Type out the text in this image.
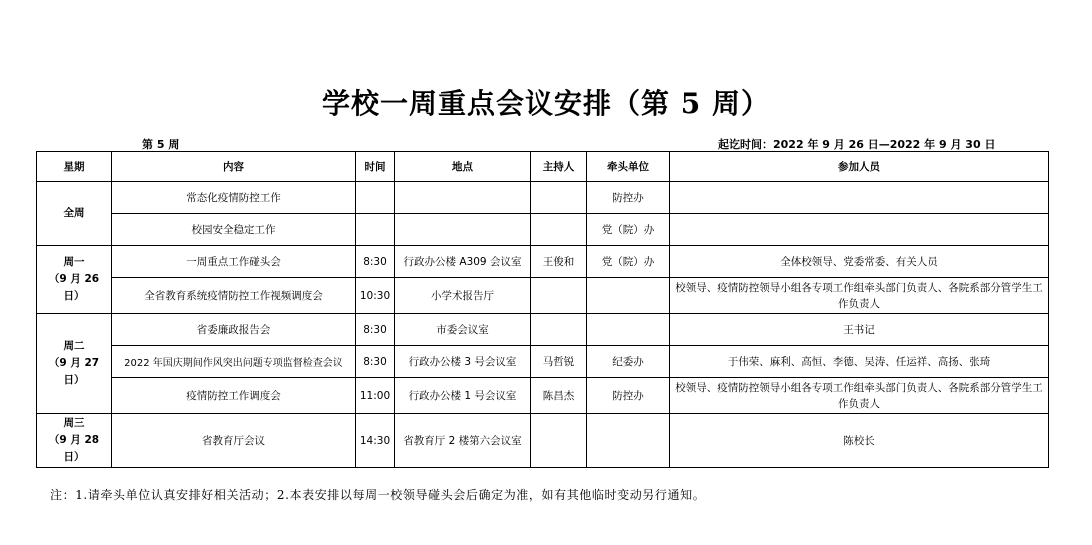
学校一周重点会议安排（第 5 周）
第 5 周	起讫时间：2022 年 9 月 26 日—2022 年 9 月 30 日
星期	内容	时间	地点	主持人	牵头单位	参加人员
全周	常态化疫情防控工作				防控办	
	校园安全稳定工作				党（院）办	

周一
（9 月 26
日）	一周重点工作碰头会	8:30	行政办公楼 A309 会议室	王俊和	党（院）办	全体校领导、党委常委、有关人员
	全省教育系统疫情防控工作视频调度会	10:30	小学术报告厅			校领导、疫情防控领导小组各专项工作组牵头部门负责人、各院系部分管学生工作负责人

周二
（9 月 27
日）	省委廉政报告会	8:30	市委会议室			王书记
	2022 年国庆期间作风突出问题专项监督检查会议	8:30	行政办公楼 3 号会议室	马哲锐	纪委办	于伟荣、麻利、高恒、李德、吴涛、任运祥、高扬、张琦
	疫情防控工作调度会	11:00	行政办公楼 1 号会议室	陈昌杰	防控办	校领导、疫情防控领导小组各专项工作组牵头部门负责人、各院系部分管学生工作负责人

周三
（9 月 28
日）	省教育厅会议	14:30	省教育厅 2 楼第六会议室			陈校长
注：1.请牵头单位认真安排好相关活动；2.本表安排以每周一校领导碰头会后确定为准，如有其他临时变动另行通知。
